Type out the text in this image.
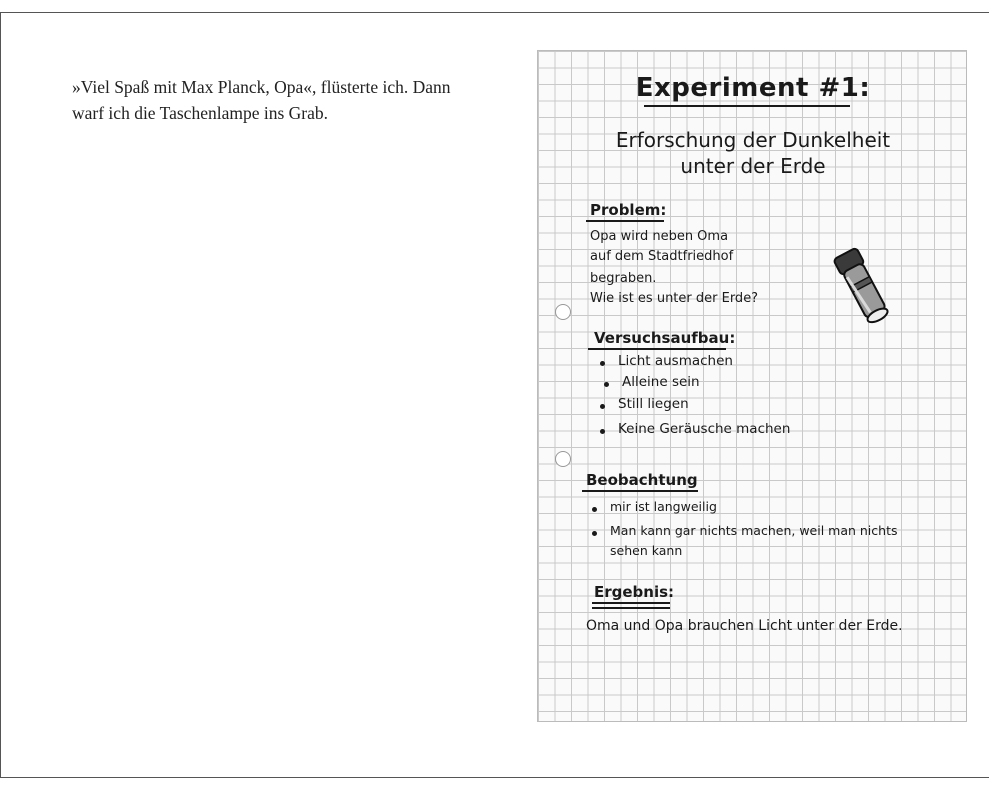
»Viel Spaß mit Max Planck, Opa«, flüsterte ich. Dann warf ich die Taschenlampe ins Grab.
Experiment #1:
Erforschung der Dunkelheit
unter der Erde
Problem:
Opa wird neben Oma
auf dem Stadtfriedhof
begraben.
Wie ist es unter der Erde?
Versuchsaufbau:
Licht ausmachen
Alleine sein
Still liegen
Keine Geräusche machen
Beobachtung
mir ist langweilig
Man kann gar nichts machen, weil man nichts
sehen kann
Ergebnis:
Oma und Opa brauchen Licht unter der Erde.
